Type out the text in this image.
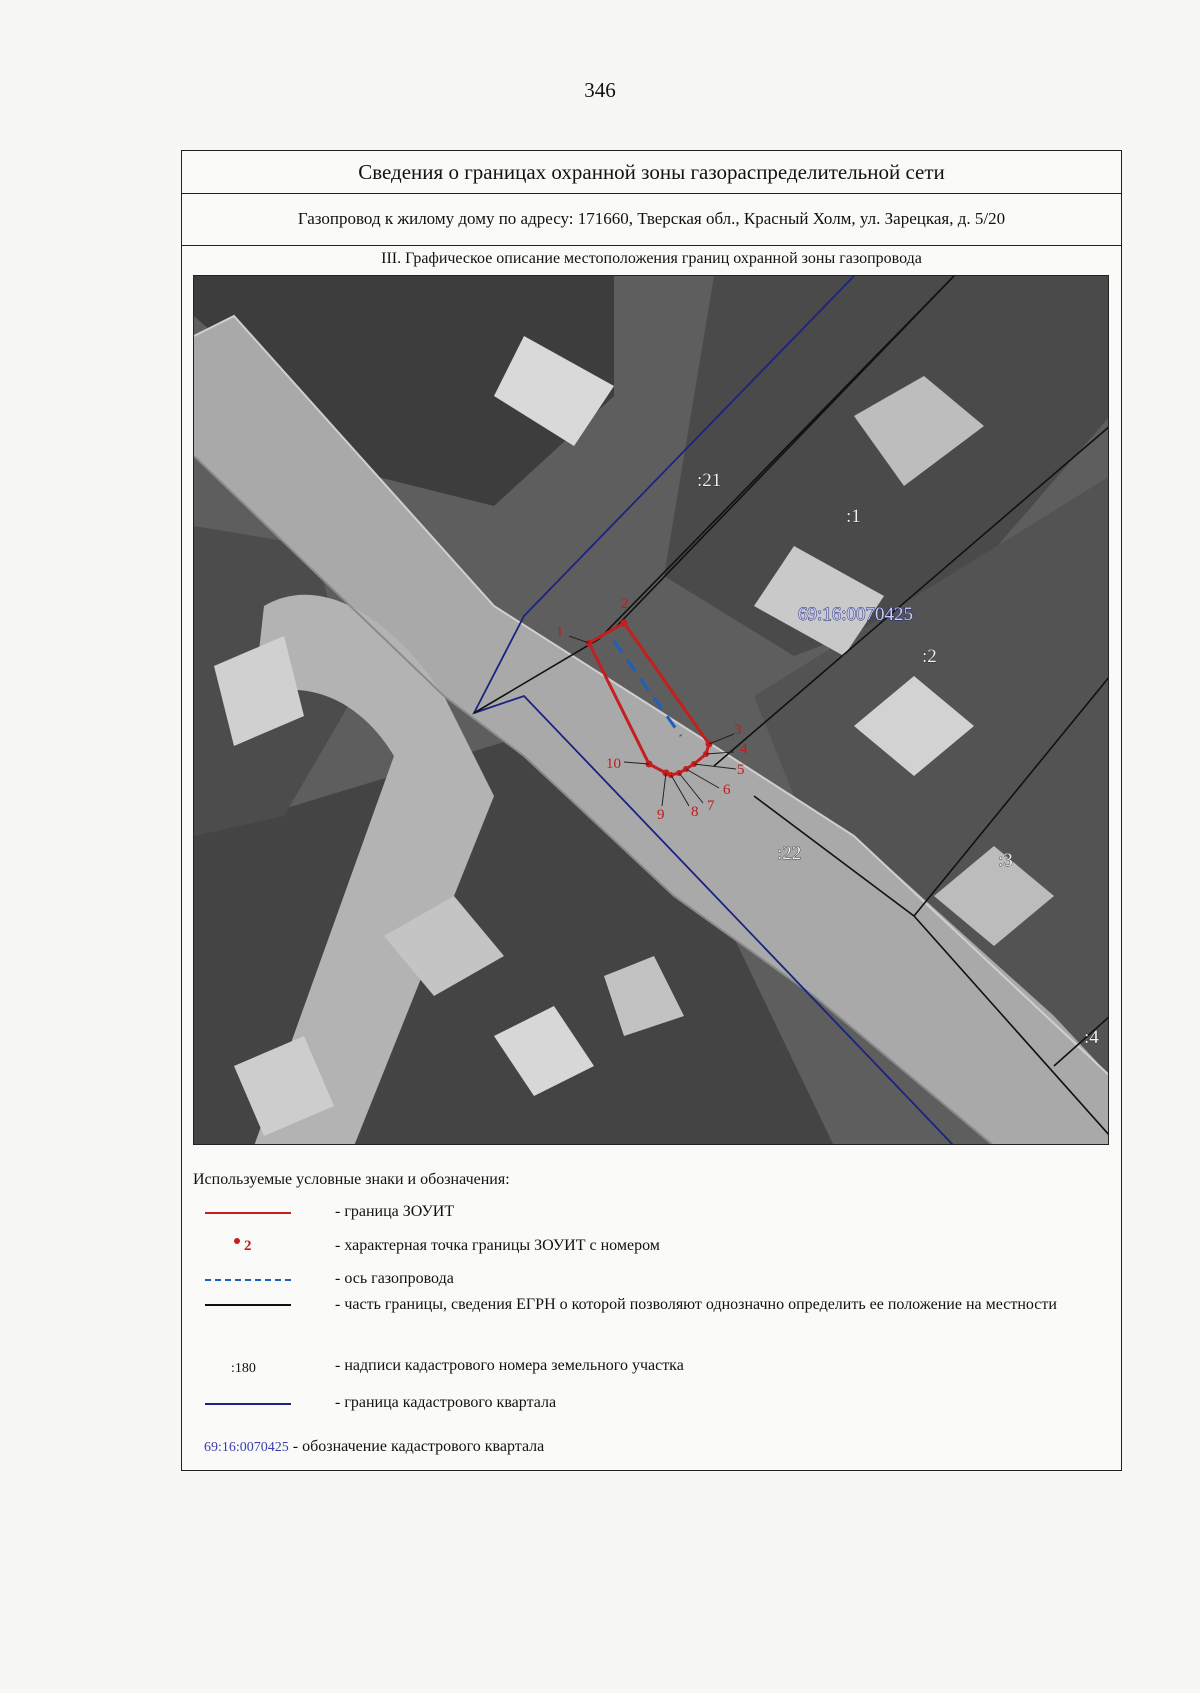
346
Сведения о границах охранной зоны газораспределительной сети
Газопровод к жилому дому по адресу: 171660, Тверская обл., Красный Холм, ул. Зарецкая, д. 5/20
III. Графическое описание местоположения границ охранной зоны газопровода
1
2
3
4
5
6
7
8
9
10
:21
:1
:2
:3
:22
:4
69:16:0070425
Используемые условные знаки и обозначения:
- граница ЗОУИТ
2	- характерная точка границы ЗОУИТ с номером
- ось газопровода
- часть границы, сведения ЕГРН о которой позволяют однозначно определить ее положение на местности
:180	- надписи кадастрового номера земельного участка
- граница кадастрового квартала
69:16:0070425 - обозначение кадастрового квартала
